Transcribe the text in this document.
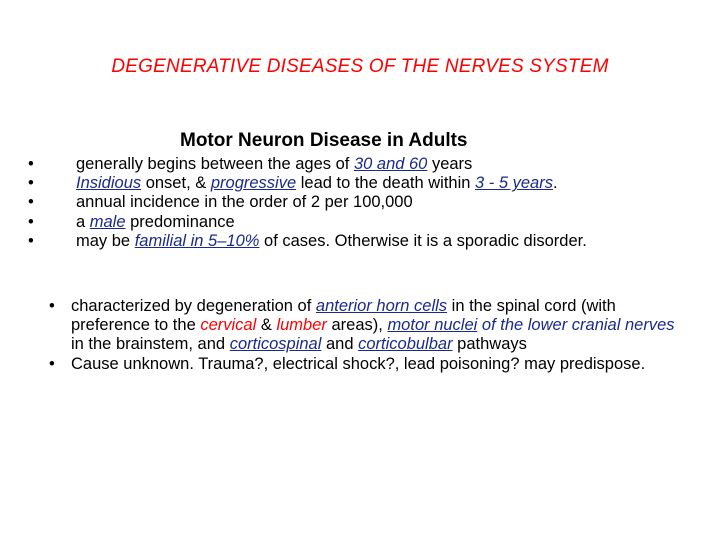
DEGENERATIVE DISEASES OF THE NERVES SYSTEM
Motor Neuron Disease in Adults
• generally begins between the ages of 30 and 60 years
• Insidious onset, & progressive lead to the death within 3 - 5 years.
• annual incidence in the order of 2 per 100,000
• a male predominance
• may be familial in 5–10% of cases. Otherwise it is a sporadic disorder.
• characterized by degeneration of anterior horn cells in the spinal cord (with preference to the cervical & lumber areas), motor nuclei of the lower cranial nerves in the brainstem, and corticospinal and corticobulbar pathways
• Cause unknown. Trauma?, electrical shock?, lead poisoning? may predispose.
